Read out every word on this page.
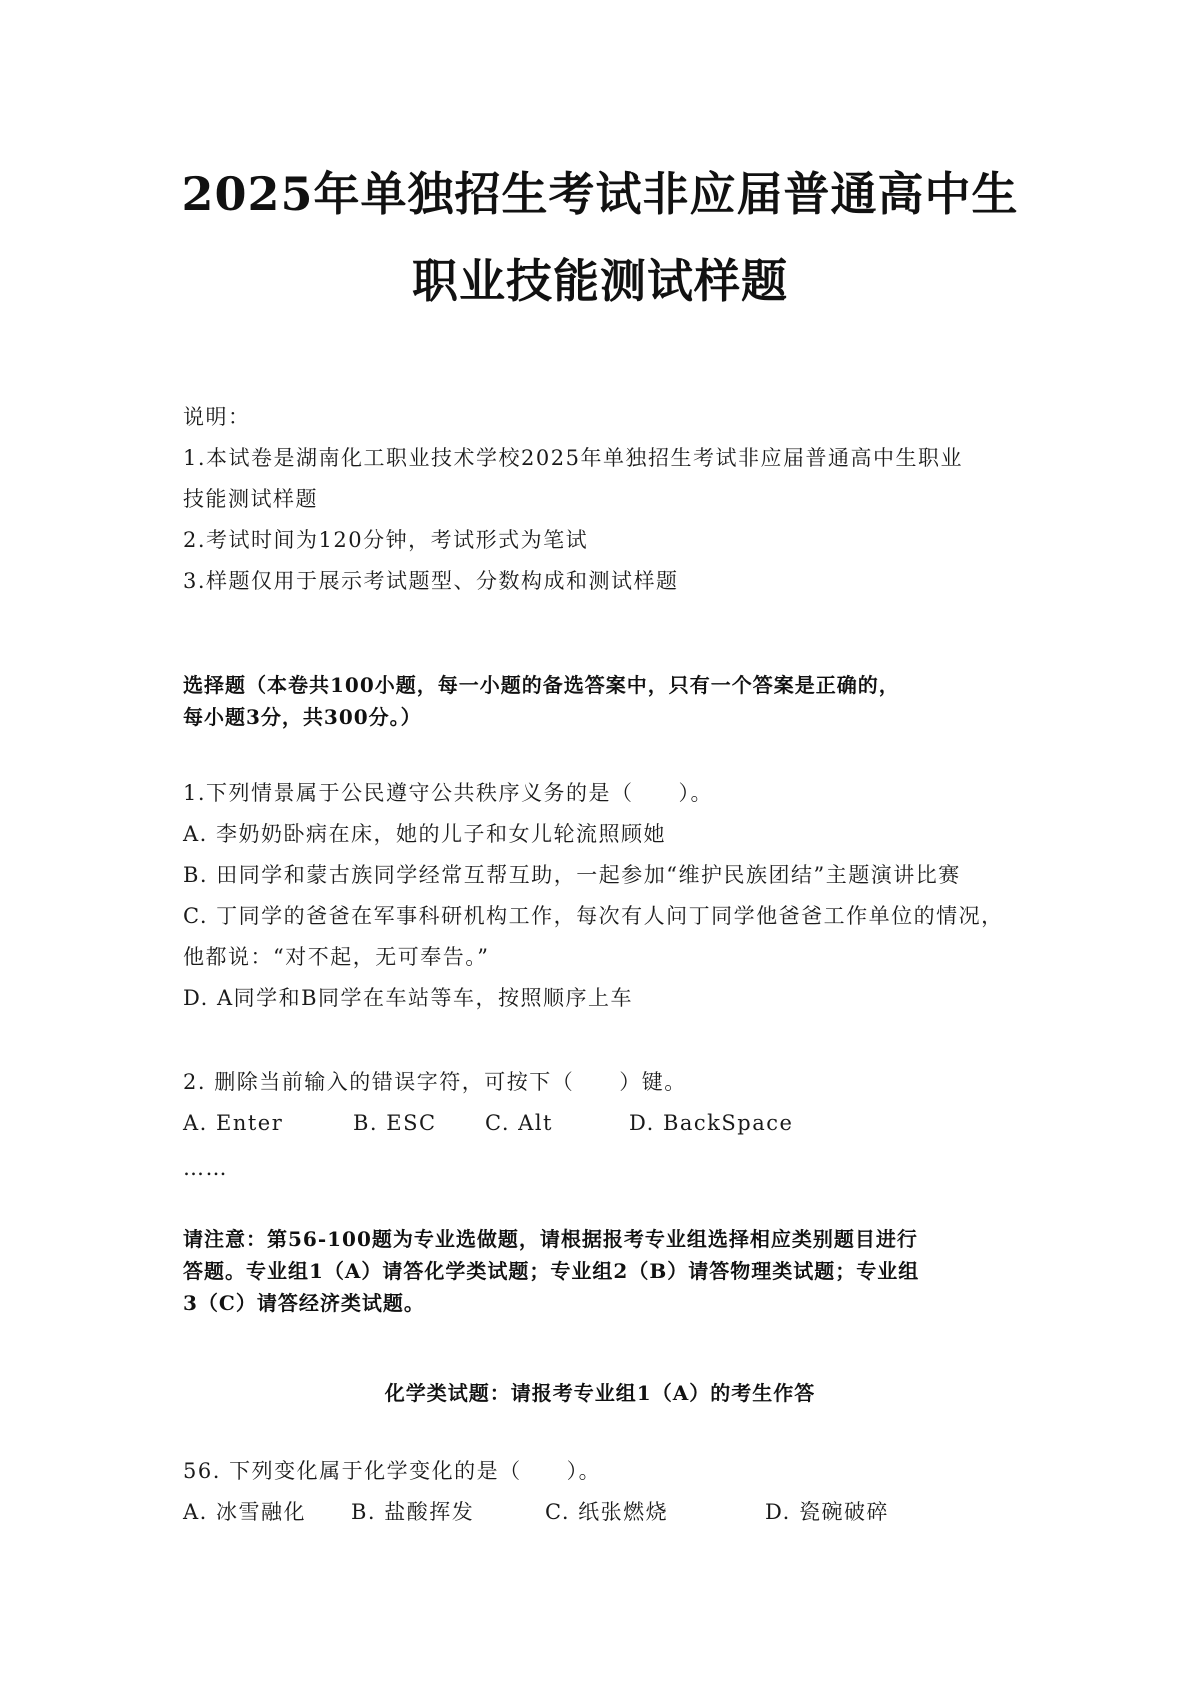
2025年单独招生考试非应届普通高中生
职业技能测试样题
说明：
1.本试卷是湖南化工职业技术学校2025年单独招生考试非应届普通高中生职业
技能测试样题
2.考试时间为120分钟，考试形式为笔试
3.样题仅用于展示考试题型、分数构成和测试样题
选择题（本卷共100小题，每一小题的备选答案中，只有一个答案是正确的，
每小题3分，共300分。）
1.下列情景属于公民遵守公共秩序义务的是（　　）。
A. 李奶奶卧病在床，她的儿子和女儿轮流照顾她
B. 田同学和蒙古族同学经常互帮互助，一起参加“维护民族团结”主题演讲比赛
C. 丁同学的爸爸在军事科研机构工作，每次有人问丁同学他爸爸工作单位的情况，
他都说：“对不起，无可奉告。”
D. A同学和B同学在车站等车，按照顺序上车
2. 删除当前输入的错误字符，可按下（　　）键。
A. Enter	B. ESC C. Alt	D. BackSpace
……
请注意：第56-100题为专业选做题，请根据报考专业组选择相应类别题目进行
答题。专业组1（A）请答化学类试题；专业组2（B）请答物理类试题；专业组
3（C）请答经济类试题。
化学类试题：请报考专业组1（A）的考生作答
56. 下列变化属于化学变化的是（　　）。
A. 冰雪融化 B. 盐酸挥发	C. 纸张燃烧	D. 瓷碗破碎
